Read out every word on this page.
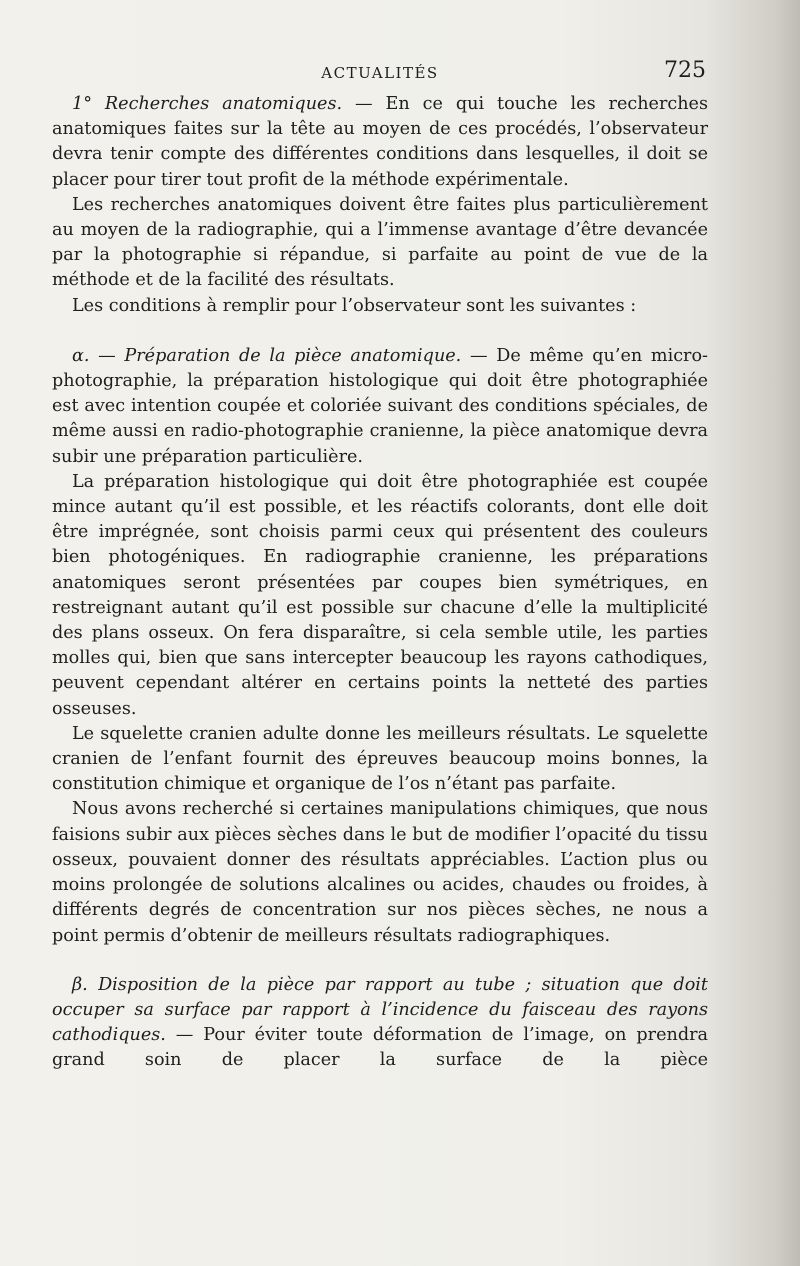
ACTUALITÉS	725

1° Recherches anatomiques. — En ce qui touche les recherches anatomiques faites sur la tête au moyen de ces procédés, l’observateur devra tenir compte des différentes conditions dans lesquelles, il doit se placer pour tirer tout profit de la méthode expérimentale.

Les recherches anatomiques doivent être faites plus particulièrement au moyen de la radiographie, qui a l’immense avantage d’être devancée par la photographie si répandue, si parfaite au point de vue de la méthode et de la facilité des résultats.

Les conditions à remplir pour l’observateur sont les suivantes :

α. — Préparation de la pièce anatomique. — De même qu’en micro-photographie, la préparation histologique qui doit être photographiée est avec intention coupée et coloriée suivant des conditions spéciales, de même aussi en radio-photographie cranienne, la pièce anatomique devra subir une préparation particulière.

La préparation histologique qui doit être photographiée est coupée mince autant qu’il est possible, et les réactifs colorants, dont elle doit être imprégnée, sont choisis parmi ceux qui présentent des couleurs bien photogéniques. En radiographie cranienne, les préparations anatomiques seront présentées par coupes bien symétriques, en restreignant autant qu’il est possible sur chacune d’elle la multiplicité des plans osseux. On fera disparaître, si cela semble utile, les parties molles qui, bien que sans intercepter beaucoup les rayons cathodiques, peuvent cependant altérer en certains points la netteté des parties osseuses.

Le squelette cranien adulte donne les meilleurs résultats. Le squelette cranien de l’enfant fournit des épreuves beaucoup moins bonnes, la constitution chimique et organique de l’os n’étant pas parfaite.

Nous avons recherché si certaines manipulations chimiques, que nous faisions subir aux pièces sèches dans le but de modifier l’opacité du tissu osseux, pouvaient donner des résultats appréciables. L’action plus ou moins prolongée de solutions alcalines ou acides, chaudes ou froides, à différents degrés de concentration sur nos pièces sèches, ne nous a point permis d’obtenir de meilleurs résultats radiographiques.

β. Disposition de la pièce par rapport au tube ; situation que doit occuper sa surface par rapport à l’incidence du faisceau des rayons cathodiques. — Pour éviter toute déformation de l’image, on prendra grand soin de placer la surface de la pièce
